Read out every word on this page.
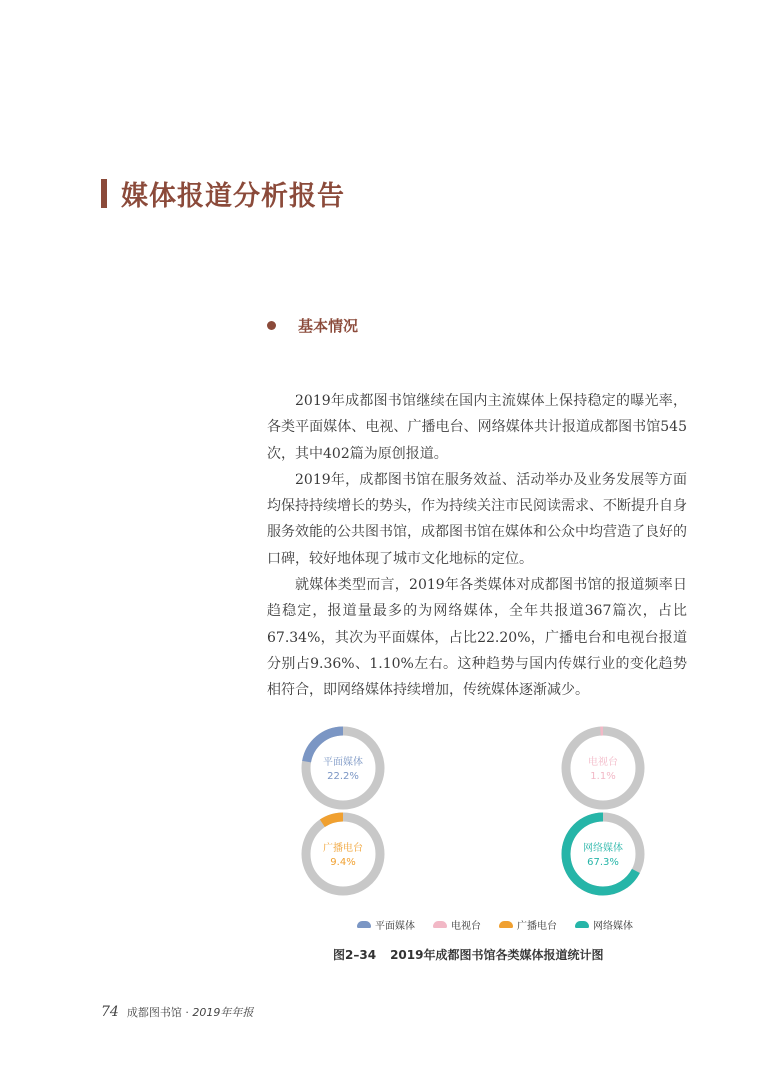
媒体报道分析报告
基本情况

2019年成都图书馆继续在国内主流媒体上保持稳定的曝光率，各类平面媒体、电视、广播电台、网络媒体共计报道成都图书馆545次，其中402篇为原创报道。

2019年，成都图书馆在服务效益、活动举办及业务发展等方面均保持持续增长的势头，作为持续关注市民阅读需求、不断提升自身服务效能的公共图书馆，成都图书馆在媒体和公众中均营造了良好的口碑，较好地体现了城市文化地标的定位。

就媒体类型而言，2019年各类媒体对成都图书馆的报道频率日趋稳定，报道量最多的为网络媒体，全年共报道367篇次，占比67.34%，其次为平面媒体，占比22.20%，广播电台和电视台报道分别占9.36%、1.10%左右。这种趋势与国内传媒行业的变化趋势相符合，即网络媒体持续增加，传统媒体逐渐减少。

平面媒体
22.2%
电视台
1.1%
广播电台
9.4%
网络媒体
67.3%
平面媒体	电视台	广播电台	网络媒体
图2–34 2019年成都图书馆各类媒体报道统计图
74 成都图书馆 · 2019年年报
